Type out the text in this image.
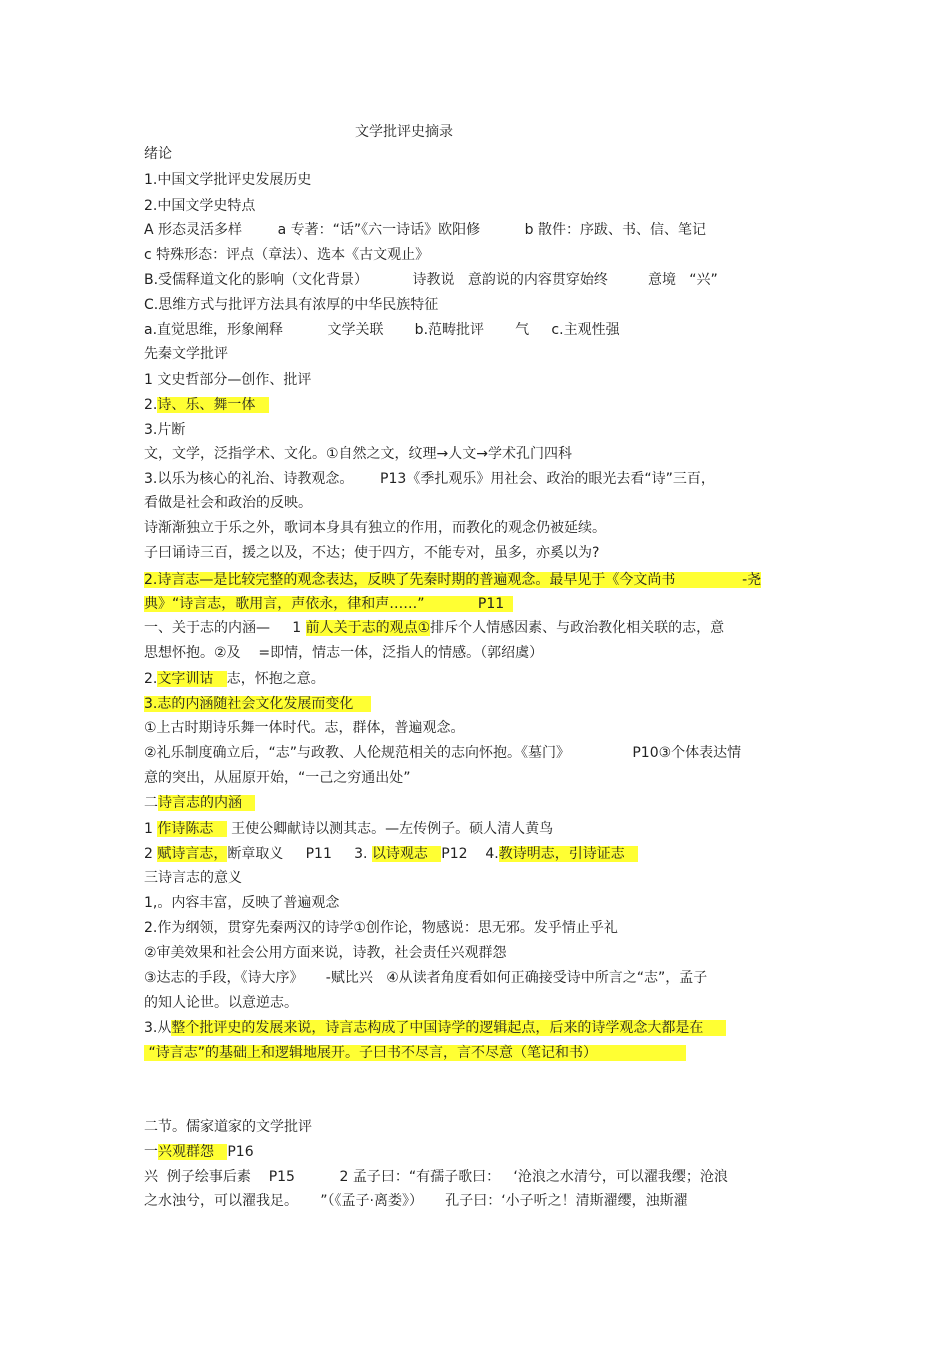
文学批评史摘录
绪论
1.中国文学批评史发展历史
2.中国文学史特点
A 形态灵活多样        a 专著：“话”《六一诗话》欧阳修          b 散件：序跋、书、信、笔记
c 特殊形态：评点（章法）、选本《古文观止》
B.受儒释道文化的影响（文化背景）          诗教说   意韵说的内容贯穿始终         意境   “兴”
C.思维方式与批评方法具有浓厚的中华民族特征
a.直觉思维，形象阐释          文学关联       b.范畴批评       气     c.主观性强
先秦文学批评
1 文史哲部分—创作、批评
2.诗、乐、舞一体
3.片断
文，文学，泛指学术、文化。①自然之文，纹理→人文→学术孔门四科
3.以乐为核心的礼治、诗教观念。      P13《季扎观乐》用社会、政治的眼光去看“诗”三百，
看做是社会和政治的反映。
诗渐渐独立于乐之外，歌词本身具有独立的作用，而教化的观念仍被延续。
子曰诵诗三百，援之以及，不达；使于四方，不能专对，虽多，亦奚以为?
2.诗言志—是比较完整的观念表达，反映了先秦时期的普遍观念。最早见于《今文尚书               -尧
典》“诗言志，歌用言，声依永，律和声……”            P11
一、关于志的内涵—     1 前人关于志的观点①排斥个人情感因素、与政治教化相关联的志，意
思想怀抱。②及    =即情，情志一体，泛指人的情感。（郭绍虞）
2.文字训诂   志，怀抱之意。
3.志的内涵随社会文化发展而变化
①上古时期诗乐舞一体时代。志，群体，普遍观念。
②礼乐制度确立后，“志”与政教、人伦规范相关的志向怀抱。《墓门》              P10③个体表达情
意的突出，从屈原开始，“一己之穷通出处”
二诗言志的内涵
1 作诗陈志    王使公卿献诗以测其志。—左传例子。硕人清人黄鸟
2 赋诗言志，断章取义     P11     3. 以诗观志   P12    4.教诗明志，引诗证志
三诗言志的意义
1,。内容丰富，反映了普遍观念
2.作为纲领，贯穿先秦两汉的诗学①创作论，物感说：思无邪。发乎情止乎礼
②审美效果和社会公用方面来说，诗教，社会责任兴观群怨
③达志的手段，《诗大序》     -赋比兴   ④从读者角度看如何正确接受诗中所言之“志”，孟子
的知人论世。以意逆志。
3.从整个批评史的发展来说，诗言志构成了中国诗学的逻辑起点，后来的诗学观念大都是在
“诗言志”的基础上和逻辑地展开。子曰书不尽言，言不尽意（笔记和书）
二节。儒家道家的文学批评
一兴观群怨   P16
兴  例子绘事后素    P15          2 孟子曰：“有孺子歌曰：   ‘沧浪之水清兮，可以濯我缨；沧浪
之水浊兮，可以濯我足。     ”（《孟子·离娄》）     孔子曰：‘小子听之！清斯濯缨，浊斯濯
